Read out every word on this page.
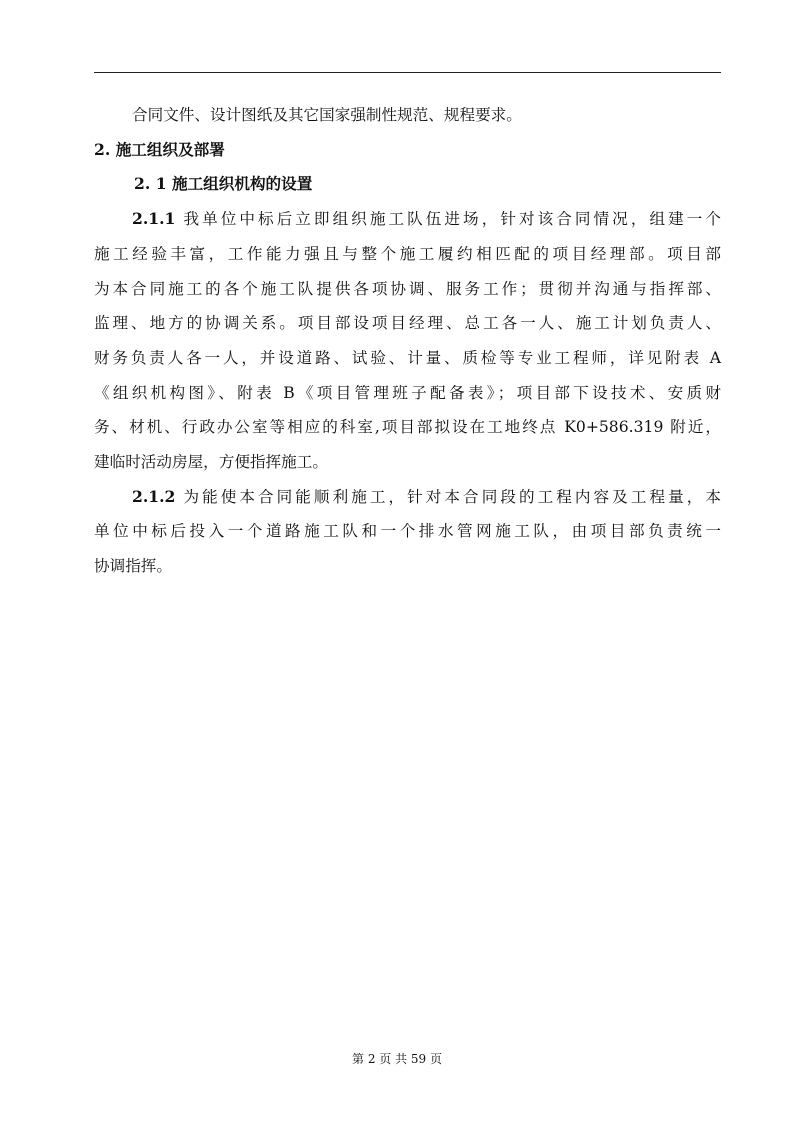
合同文件、设计图纸及其它国家强制性规范、规程要求。

2. 施工组织及部署

2. 1 施工组织机构的设置

2.1.1 我单位中标后立即组织施工队伍进场，针对该合同情况，组建一个

施工经验丰富，工作能力强且与整个施工履约相匹配的项目经理部。项目部

为本合同施工的各个施工队提供各项协调、服务工作；贯彻并沟通与指挥部、

监理、地方的协调关系。项目部设项目经理、总工各一人、施工计划负责人、

财务负责人各一人，并设道路、试验、计量、质检等专业工程师，详见附表 A

《组织机构图》、附表 B《项目管理班子配备表》；项目部下设技术、安质财

务、材机、行政办公室等相应的科室,项目部拟设在工地终点 K0+586.319 附近，

建临时活动房屋，方便指挥施工。

2.1.2 为能使本合同能顺利施工，针对本合同段的工程内容及工程量，本

单位中标后投入一个道路施工队和一个排水管网施工队，由项目部负责统一

协调指挥。

第 2 页 共 59 页
